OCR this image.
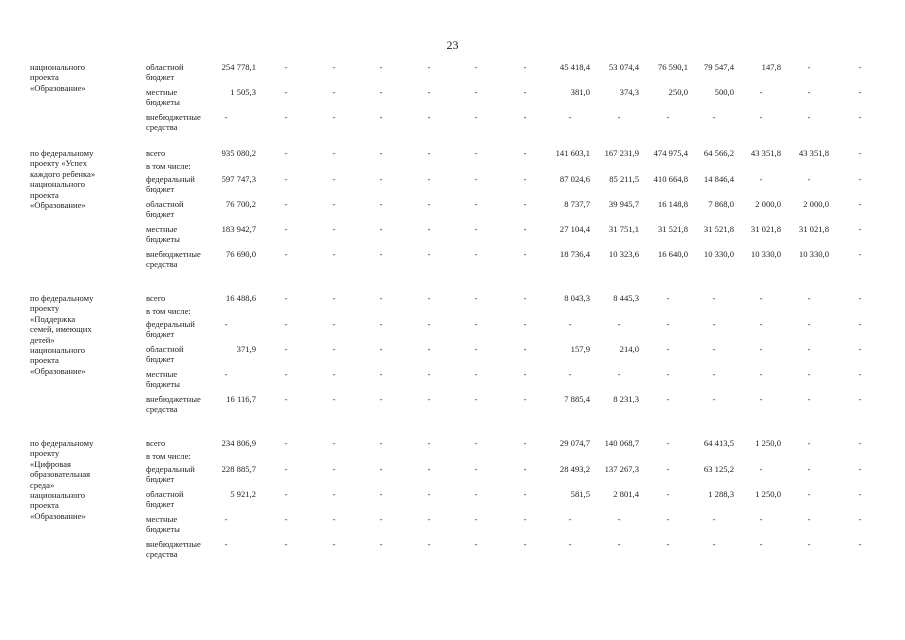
23
национального
проекта
«Образование»
областной
бюджет
254 778,1	-	-	-	-	-	-	45 418,4	53 074,4	76 590,1	79 547,4	147,8	-	-
местные
бюджеты
1 505,3	-	-	-	-	-	-	381,0	374,3	250,0	500,0	-	-	-
внебюджетные
средства
-	-	-	-	-	-	-	-	-	-	-	-	-	-
по федеральному
проекту «Успех
каждого ребенка»
национального
проекта
«Образование»
всего	935 080,2	-	-	-	-	-	-	141 603,1	167 231,9	474 975,4	64 566,2	43 351,8	43 351,8	-
в том числе:
федеральный
бюджет
597 747,3	-	-	-	-	-	-	87 024,6	85 211,5	410 664,8	14 846,4	-	-	-
областной
бюджет
76 700,2	-	-	-	-	-	-	8 737,7	39 945,7	16 148,8	7 868,0	2 000,0	2 000,0	-
местные
бюджеты
183 942,7	-	-	-	-	-	-	27 104,4	31 751,1	31 521,8	31 521,8	31 021,8	31 021,8	-
внебюджетные
средства
76 690,0	-	-	-	-	-	-	18 736,4	10 323,6	16 640,0	10 330,0	10 330,0	10 330,0	-
по федеральному
проекту
«Поддержка
семей, имеющих
детей»
национального
проекта
«Образование»
всего	16 488,6	-	-	-	-	-	-	8 043,3	8 445,3	-	-	-	-	-
в том числе:
федеральный
бюджет
-	-	-	-	-	-	-	-	-	-	-	-	-	-
областной
бюджет
371,9	-	-	-	-	-	-	157,9	214,0	-	-	-	-	-
местные
бюджеты
-	-	-	-	-	-	-	-	-	-	-	-	-	-
внебюджетные
средства
16 116,7	-	-	-	-	-	-	7 885,4	8 231,3	-	-	-	-	-
по федеральному
проекту
«Цифровая
образовательная
среда»
национального
проекта
«Образование»
всего	234 806,9	-	-	-	-	-	-	29 074,7	140 068,7	-	64 413,5	1 250,0	-	-
в том числе:
федеральный
бюджет
228 885,7	-	-	-	-	-	-	28 493,2	137 267,3	-	63 125,2	-	-	-
областной
бюджет
5 921,2	-	-	-	-	-	-	581,5	2 801,4	-	1 288,3	1 250,0	-	-
местные
бюджеты
-	-	-	-	-	-	-	-	-	-	-	-	-	-
внебюджетные
средства
-	-	-	-	-	-	-	-	-	-	-	-	-	-
